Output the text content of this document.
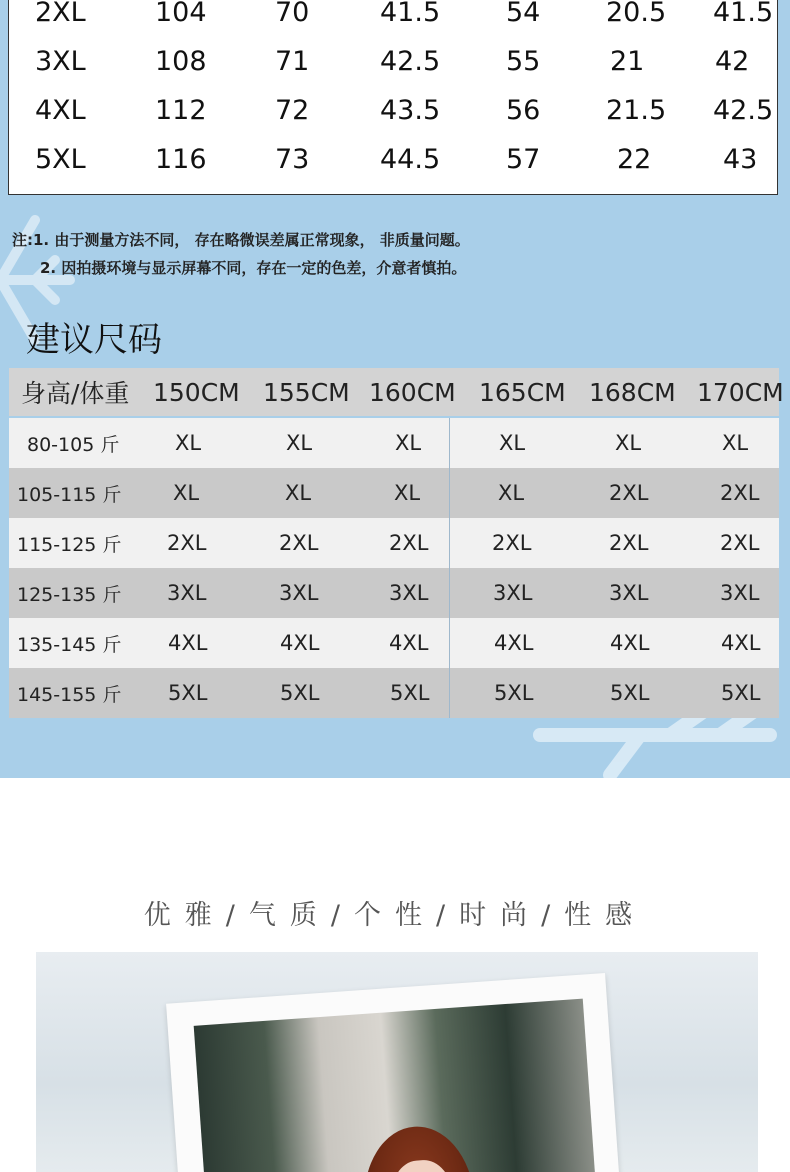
2XL	104	70	41.5 54 20.5 41.5
3XL	108	71	42.5 55	21	42
4XL	112	72	43.5 56 21.5 42.5
5XL	116	73	44.5 57	22	43
注:1. 由于测量方法不同， 存在略微误差属正常现象， 非质量问题。
2. 因拍摄环境与显示屏幕不同，存在一定的色差，介意者慎拍。
建议尺码
身高/体重 150CM 155CM 160CM 165CM 168CM 170CM
80-105 斤	XL	XL	XL	XL	XL	XL
105-115 斤 XL	XL	XL	XL	2XL	2XL
115-125 斤 2XL	2XL	2XL	2XL	2XL	2XL
125-135 斤 3XL	3XL	3XL	3XL	3XL	3XL
135-145 斤 4XL	4XL	4XL	4XL	4XL	4XL
145-155 斤 5XL	5XL	5XL	5XL	5XL	5XL
优雅/气质/个性/时尚/性感
